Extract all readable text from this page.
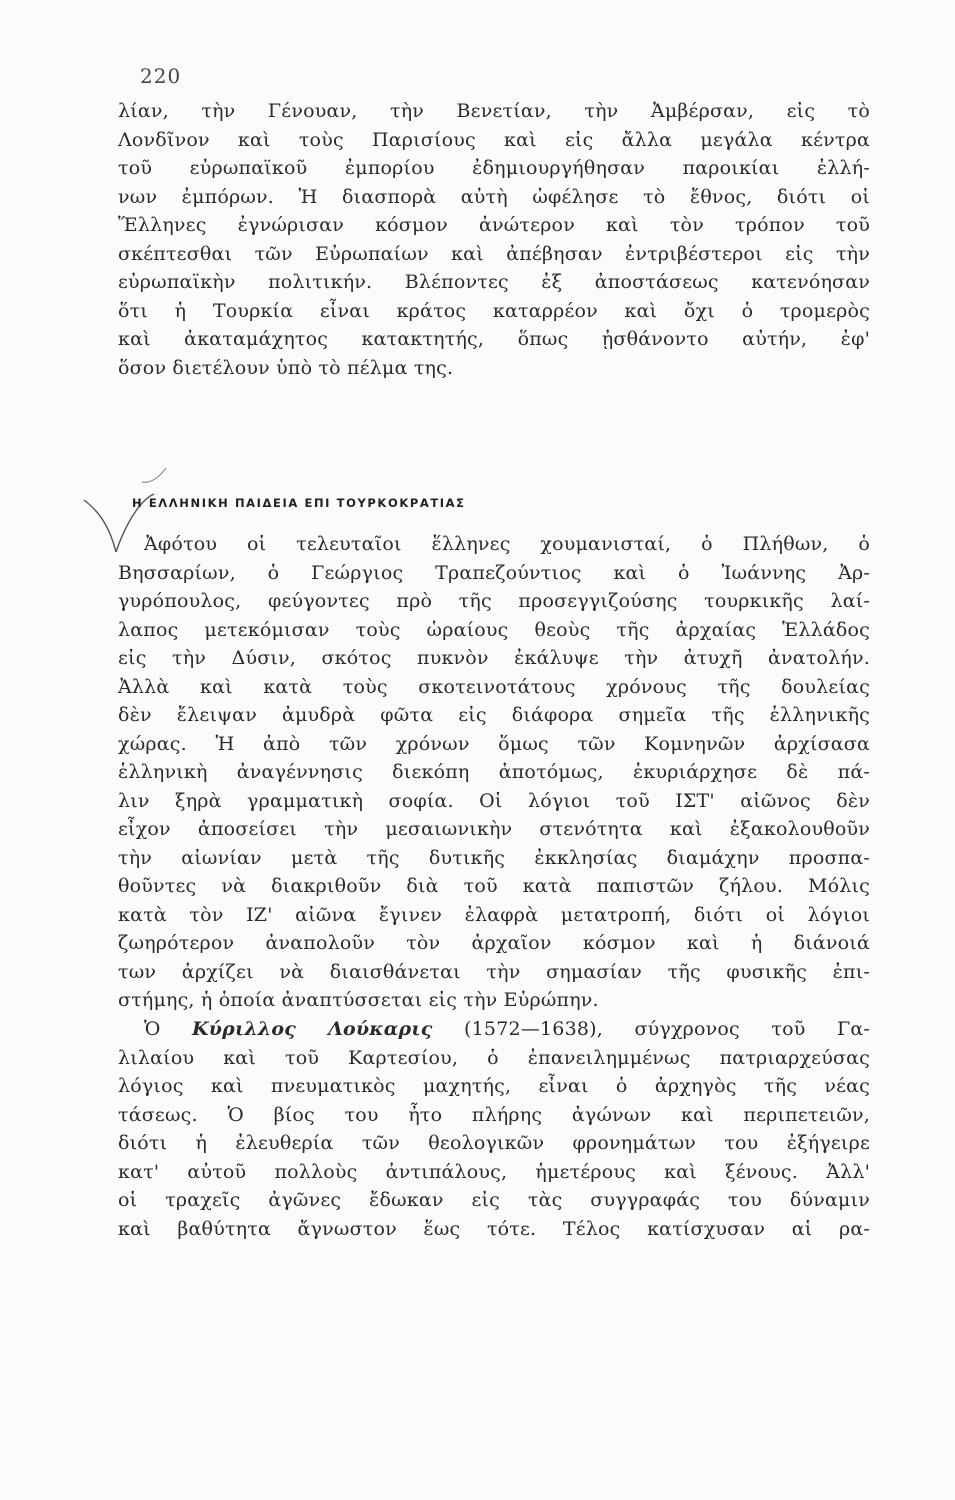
220
λίαν, τὴν Γένουαν, τὴν Βενετίαν, τὴν Ἀμβέρσαν, εἰς τὸ
Λονδῖνον καὶ τοὺς Παρισίους καὶ εἰς ἄλλα μεγάλα κέντρα
τοῦ εὐρωπαϊκοῦ ἐμπορίου ἐδημιουργήθησαν παροικίαι ἑλλή-
νων ἐμπόρων. Ἡ διασπορὰ αὐτὴ ὠφέλησε τὸ ἔθνος, διότι οἱ
Ἕλληνες ἐγνώρισαν κόσμον ἀνώτερον καὶ τὸν τρόπον τοῦ
σκέπτεσθαι τῶν Εὐρωπαίων καὶ ἀπέβησαν ἐντριβέστεροι εἰς τὴν
εὐρωπαϊκὴν πολιτικήν. Βλέποντες ἐξ ἀποστάσεως κατενόησαν
ὅτι ἡ Τουρκία εἶναι κράτος καταρρέον καὶ ὄχι ὁ τρομερὸς
καὶ ἀκαταμάχητος κατακτητής, ὅπως ᾐσθάνοντο αὐτήν, ἐφ'
ὅσον διετέλουν ὑπὸ τὸ πέλμα της.
Η ΕΛΛΗΝΙΚΗ ΠΑΙΔΕΙΑ ΕΠΙ ΤΟΥΡΚΟΚΡΑΤΙΑΣ
Ἀφότου οἱ τελευταῖοι ἕλληνες χουμανισταί, ὁ Πλήθων, ὁ
Βησσαρίων, ὁ Γεώργιος Τραπεζούντιος καὶ ὁ Ἰωάννης Ἀρ-
γυρόπουλος, φεύγοντες πρὸ τῆς προσεγγιζούσης τουρκικῆς λαί-
λαπος μετεκόμισαν τοὺς ὡραίους θεοὺς τῆς ἀρχαίας Ἑλλάδος
εἰς τὴν Δύσιν, σκότος πυκνὸν ἐκάλυψε τὴν ἀτυχῆ ἀνατολήν.
Ἀλλὰ καὶ κατὰ τοὺς σκοτεινοτάτους χρόνους τῆς δουλείας
δὲν ἔλειψαν ἀμυδρὰ φῶτα εἰς διάφορα σημεῖα τῆς ἑλληνικῆς
χώρας. Ἡ ἀπὸ τῶν χρόνων ὅμως τῶν Κομνηνῶν ἀρχίσασα
ἑλληνικὴ ἀναγέννησις διεκόπη ἀποτόμως, ἐκυριάρχησε δὲ πά-
λιν ξηρὰ γραμματικὴ σοφία. Οἱ λόγιοι τοῦ ΙΣΤ' αἰῶνος δὲν
εἶχον ἀποσείσει τὴν μεσαιωνικὴν στενότητα καὶ ἐξακολουθοῦν
τὴν αἰωνίαν μετὰ τῆς δυτικῆς ἐκκλησίας διαμάχην προσπα-
θοῦντες νὰ διακριθοῦν διὰ τοῦ κατὰ παπιστῶν ζήλου. Μόλις
κατὰ τὸν ΙΖ' αἰῶνα ἔγινεν ἐλαφρὰ μετατροπή, διότι οἱ λόγιοι
ζωηρότερον ἀναπολοῦν τὸν ἀρχαῖον κόσμον καὶ ἡ διάνοιά
των ἀρχίζει νὰ διαισθάνεται τὴν σημασίαν τῆς φυσικῆς ἐπι-
στήμης, ἡ ὁποία ἀναπτύσσεται εἰς τὴν Εὐρώπην.
Ὁ Κύριλλος Λούκαρις (1572—1638), σύγχρονος τοῦ Γα-
λιλαίου καὶ τοῦ Καρτεσίου, ὁ ἐπανειλημμένως πατριαρχεύσας
λόγιος καὶ πνευματικὸς μαχητής, εἶναι ὁ ἀρχηγὸς τῆς νέας
τάσεως. Ὁ βίος του ἦτο πλήρης ἀγώνων καὶ περιπετειῶν,
διότι ἡ ἐλευθερία τῶν θεολογικῶν φρονημάτων του ἐξήγειρε
κατ' αὐτοῦ πολλοὺς ἀντιπάλους, ἡμετέρους καὶ ξένους. Ἀλλ'
οἱ τραχεῖς ἀγῶνες ἔδωκαν εἰς τὰς συγγραφάς του δύναμιν
καὶ βαθύτητα ἄγνωστον ἕως τότε. Τέλος κατίσχυσαν αἱ ρα-
